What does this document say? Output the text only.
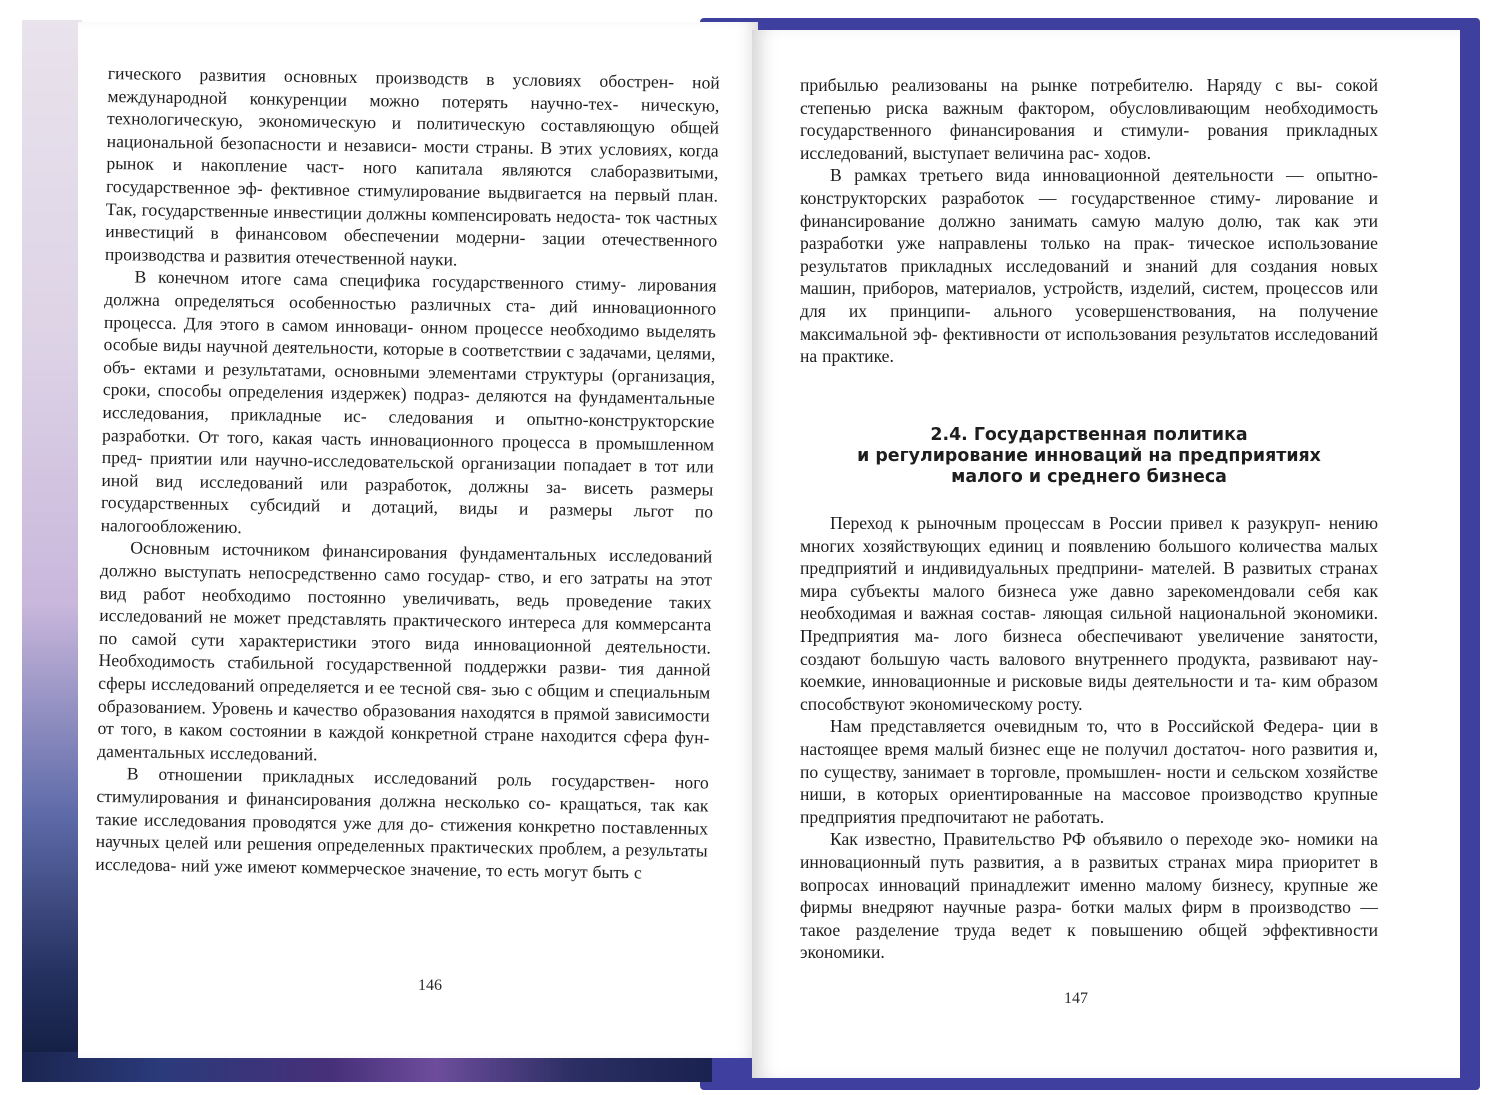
гического развития основных производств в условиях обострен- ной международной конкуренции можно потерять научно-тех- ническую, технологическую, экономическую и политическую составляющую общей национальной безопасности и независи- мости страны. В этих условиях, когда рынок и накопление част- ного капитала являются слаборазвитыми, государственное эф- фективное стимулирование выдвигается на первый план. Так, государственные инвестиции должны компенсировать недоста- ток частных инвестиций в финансовом обеспечении модерни- зации отечественного производства и развития отечественной науки.

В конечном итоге сама специфика государственного стиму- лирования должна определяться особенностью различных ста- дий инновационного процесса. Для этого в самом инноваци- онном процессе необходимо выделять особые виды научной деятельности, которые в соответствии с задачами, целями, объ- ектами и результатами, основными элементами структуры (организация, сроки, способы определения издержек) подраз- деляются на фундаментальные исследования, прикладные ис- следования и опытно-конструкторские разработки. От того, какая часть инновационного процесса в промышленном пред- приятии или научно-исследовательской организации попадает в тот или иной вид исследований или разработок, должны за- висеть размеры государственных субсидий и дотаций, виды и размеры льгот по налогообложению.

Основным источником финансирования фундаментальных исследований должно выступать непосредственно само государ- ство, и его затраты на этот вид работ необходимо постоянно увеличивать, ведь проведение таких исследований не может представлять практического интереса для коммерсанта по самой сути характеристики этого вида инновационной деятельности. Необходимость стабильной государственной поддержки разви- тия данной сферы исследований определяется и ее тесной свя- зью с общим и специальным образованием. Уровень и качество образования находятся в прямой зависимости от того, в каком состоянии в каждой конкретной стране находится сфера фун- даментальных исследований.

В отношении прикладных исследований роль государствен- ного стимулирования и финансирования должна несколько со- кращаться, так как такие исследования проводятся уже для до- стижения конкретно поставленных научных целей или решения определенных практических проблем, а результаты исследова- ний уже имеют коммерческое значение, то есть могут быть с

146

прибылью реализованы на рынке потребителю. Наряду с вы- сокой степенью риска важным фактором, обусловливающим необходимость государственного финансирования и стимули- рования прикладных исследований, выступает величина рас- ходов.

В рамках третьего вида инновационной деятельности — опытно-конструкторских разработок — государственное стиму- лирование и финансирование должно занимать самую малую долю, так как эти разработки уже направлены только на прак- тическое использование результатов прикладных исследований и знаний для создания новых машин, приборов, материалов, устройств, изделий, систем, процессов или для их принципи- ального усовершенствования, на получение максимальной эф- фективности от использования результатов исследований на практике.

2.4. Государственная политика
и регулирование инноваций на предприятиях
малого и среднего бизнеса

Переход к рыночным процессам в России привел к разукруп- нению многих хозяйствующих единиц и появлению большого количества малых предприятий и индивидуальных предприни- мателей. В развитых странах мира субъекты малого бизнеса уже давно зарекомендовали себя как необходимая и важная состав- ляющая сильной национальной экономики. Предприятия ма- лого бизнеса обеспечивают увеличение занятости, создают большую часть валового внутреннего продукта, развивают нау- коемкие, инновационные и рисковые виды деятельности и та- ким образом способствуют экономическому росту.

Нам представляется очевидным то, что в Российской Федера- ции в настоящее время малый бизнес еще не получил достаточ- ного развития и, по существу, занимает в торговле, промышлен- ности и сельском хозяйстве ниши, в которых ориентированные на массовое производство крупные предприятия предпочитают не работать.

Как известно, Правительство РФ объявило о переходе эко- номики на инновационный путь развития, а в развитых странах мира приоритет в вопросах инноваций принадлежит именно малому бизнесу, крупные же фирмы внедряют научные разра- ботки малых фирм в производство — такое разделение труда ведет к повышению общей эффективности экономики.

147
